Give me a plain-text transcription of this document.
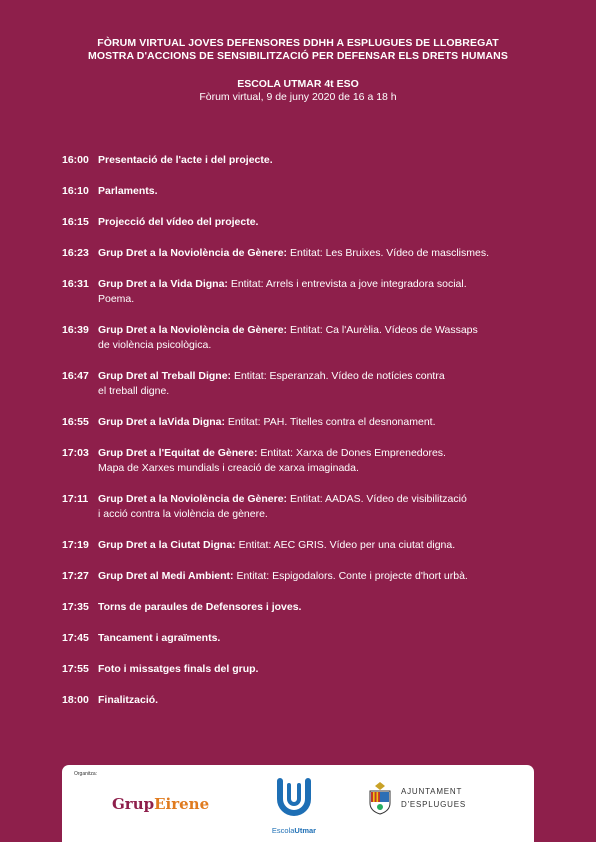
FÒRUM VIRTUAL JOVES DEFENSORES DDHH A ESPLUGUES DE LLOBREGAT
MOSTRA D'ACCIONS DE SENSIBILITZACIÓ PER DEFENSAR ELS DRETS HUMANS
ESCOLA UTMAR 4t ESO
Fòrum virtual, 9 de juny 2020 de 16 a 18 h
16:00 Presentació de l'acte i del projecte.
16:10 Parlaments.
16:15 Projecció del vídeo del projecte.
16:23 Grup Dret a la Noviolència de Gènere: Entitat: Les Bruixes. Vídeo de masclismes.
16:31 Grup Dret a la Vida Digna: Entitat: Arrels i entrevista a jove integradora social.
Poema.
16:39 Grup Dret a la Noviolència de Gènere: Entitat: Ca l'Aurèlia. Vídeos de Wassaps
de violència psicològica.
16:47 Grup Dret al Treball Digne: Entitat: Esperanzah. Vídeo de notícies contra
el treball digne.
16:55 Grup Dret a laVida Digna: Entitat: PAH. Titelles contra el desnonament.
17:03 Grup Dret a l'Equitat de Gènere: Entitat: Xarxa de Dones Emprenedores.
Mapa de Xarxes mundials i creació de xarxa imaginada.
17:11 Grup Dret a la Noviolència de Gènere: Entitat: AADAS. Vídeo de visibilització
i acció contra la violència de gènere.
17:19 Grup Dret a la Ciutat Digna: Entitat: AEC GRIS. Vídeo per una ciutat digna.
17:27 Grup Dret al Medi Ambient: Entitat: Espigodalors. Conte i projecte d'hort urbà.
17:35 Torns de paraules de Defensores i joves.
17:45 Tancament i agraïments.
17:55 Foto i missatges finals del grup.
18:00 Finalització.
Organitza:
GrupEirene
EscolaUtmar
AJUNTAMENT
D'ESPLUGUES
